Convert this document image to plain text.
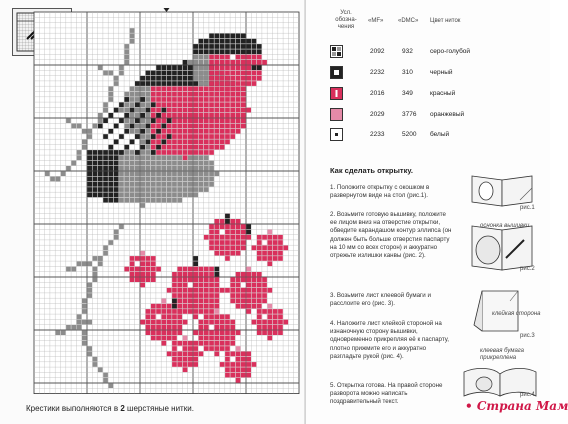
Крестики выполняются в 2 шерстяные нитки.
Усл. обозна- чения
«MF» «DMC» Цвет ниток
2092	932	серо-голубой
2232	310	черный
2016	349	красный
2029	3776 оранжевый
2233	5200 белый
Как сделать открытку.
1. Положите открытку с окошком в развернутом виде на стол (рис.1).
2. Возьмите готовую вышивку, положите ее лицом вниз на отверстие открытки, обведите карандашом контур эллипса (он должен быть больше отверстия паспарту на 10 мм со всех сторон) и аккуратно отрежьте излишки канвы (рис. 2).
3. Возьмите лист клеевой бумаги и расслоите его (рис. 3).
4. Наложите лист клейкой стороной на изнаночную сторону вышивки, одновременно прикрепляя её к паспарту, плотно прижмите его и аккуратно разгладьте рукой (рис. 4).
5. Открытка готова. На правой стороне разворота можно написать поздравительный текст.
рис.1
оснонка вышивки
рис.2
клейкая сторона
рис.3
клеевая бумага прикреплена
рис.4
• Страна Мам
